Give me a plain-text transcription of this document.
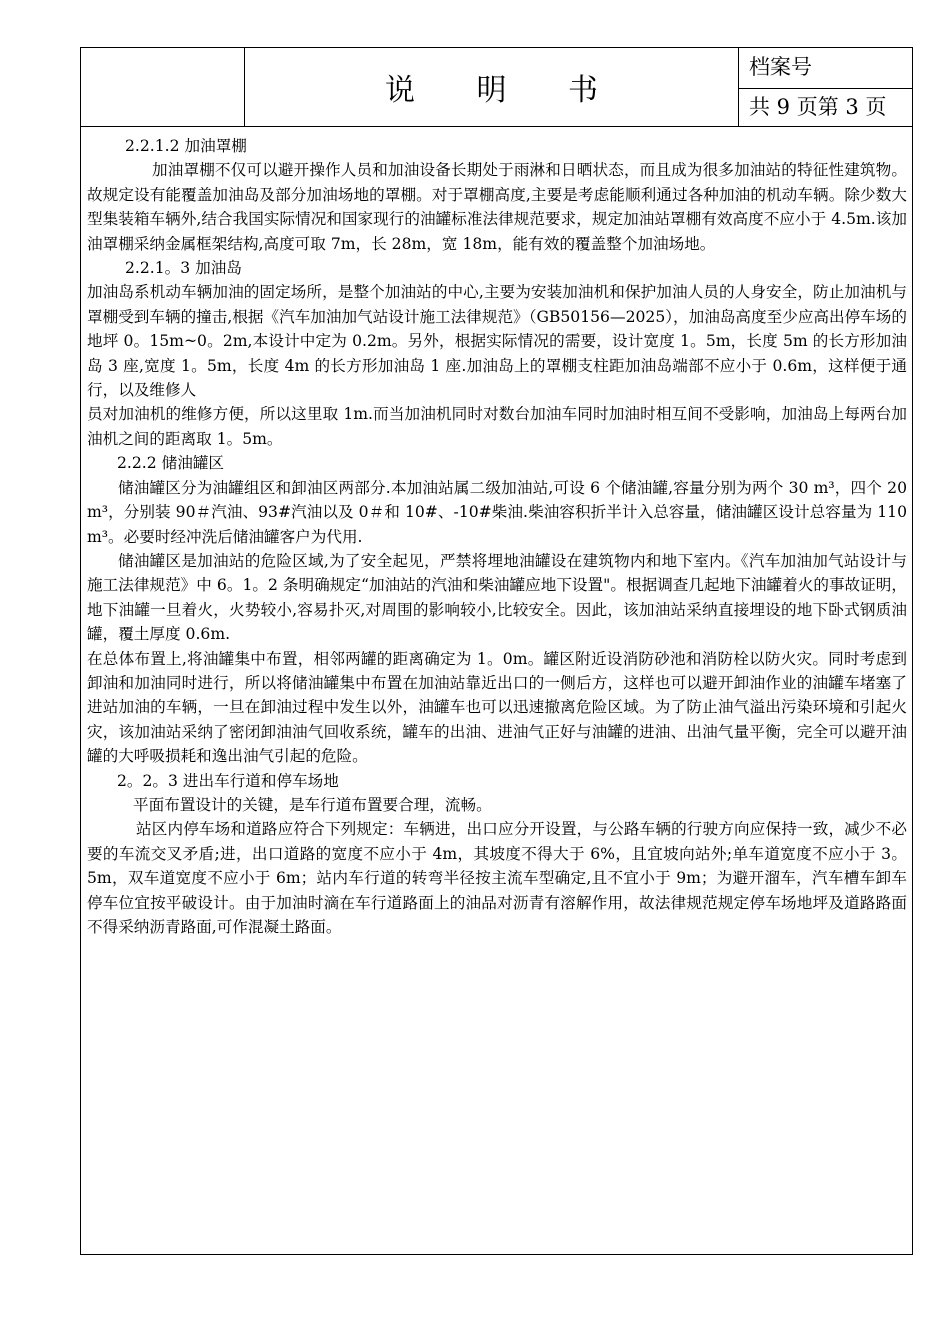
说 明 书
档案号
共 9 页第 3 页

2.2.1.2 加油罩棚

加油罩棚不仅可以避开操作人员和加油设备长期处于雨淋和日晒状态，而且成为很多加油站的特征性建筑物。故规定设有能覆盖加油岛及部分加油场地的罩棚。对于罩棚高度,主要是考虑能顺利通过各种加油的机动车辆。除少数大型集装箱车辆外,结合我国实际情况和国家现行的油罐标准法律规范要求，规定加油站罩棚有效高度不应小于 4.5m.该加油罩棚采纳金属框架结构,高度可取 7m，长 28m，宽 18m，能有效的覆盖整个加油场地。

2.2.1。3 加油岛

加油岛系机动车辆加油的固定场所，是整个加油站的中心,主要为安装加油机和保护加油人员的人身安全，防止加油机与罩棚受到车辆的撞击,根据《汽车加油加气站设计施工法律规范》（GB50156—2025），加油岛高度至少应高出停车场的地坪 0。15m~0。2m,本设计中定为 0.2m。另外，根据实际情况的需要，设计宽度 1。5m，长度 5m 的长方形加油岛 3 座,宽度 1。5m，长度 4m 的长方形加油岛 1 座.加油岛上的罩棚支柱距加油岛端部不应小于 0.6m，这样便于通行，以及维修人

员对加油机的维修方便，所以这里取 1m.而当加油机同时对数台加油车同时加油时相互间不受影响，加油岛上每两台加油机之间的距离取 1。5m。

2.2.2 储油罐区

储油罐区分为油罐组区和卸油区两部分.本加油站属二级加油站,可设 6 个储油罐,容量分别为两个 30 m³，四个 20 m³，分别装 90＃汽油、93#汽油以及 0＃和 10#、-10#柴油.柴油容积折半计入总容量，储油罐区设计总容量为 110 m³。必要时经冲洗后储油罐客户为代用.

储油罐区是加油站的危险区域,为了安全起见，严禁将埋地油罐设在建筑物内和地下室内。《汽车加油加气站设计与施工法律规范》中 6。1。2 条明确规定“加油站的汽油和柴油罐应地下设置"。根据调查几起地下油罐着火的事故证明，地下油罐一旦着火，火势较小,容易扑灭,对周围的影响较小,比较安全。因此，该加油站采纳直接埋设的地下卧式钢质油罐，覆土厚度 0.6m.

在总体布置上,将油罐集中布置，相邻两罐的距离确定为 1。0m。罐区附近设消防砂池和消防栓以防火灾。同时考虑到卸油和加油同时进行，所以将储油罐集中布置在加油站靠近出口的一侧后方，这样也可以避开卸油作业的油罐车堵塞了进站加油的车辆，一旦在卸油过程中发生以外，油罐车也可以迅速撤离危险区域。为了防止油气溢出污染环境和引起火灾，该加油站采纳了密闭卸油油气回收系统，罐车的出油、进油气正好与油罐的进油、出油气量平衡，完全可以避开油罐的大呼吸损耗和逸出油气引起的危险。

2。2。3 进出车行道和停车场地

平面布置设计的关键，是车行道布置要合理，流畅。

站区内停车场和道路应符合下列规定：车辆进，出口应分开设置，与公路车辆的行驶方向应保持一致，减少不必要的车流交叉矛盾;进，出口道路的宽度不应小于 4m，其坡度不得大于 6%，且宜坡向站外;单车道宽度不应小于 3。5m，双车道宽度不应小于 6m；站内车行道的转弯半径按主流车型确定,且不宜小于 9m；为避开溜车，汽车槽车卸车停车位宜按平破设计。由于加油时滴在车行道路面上的油品对沥青有溶解作用，故法律规范规定停车场地坪及道路路面不得采纳沥青路面,可作混凝土路面。
